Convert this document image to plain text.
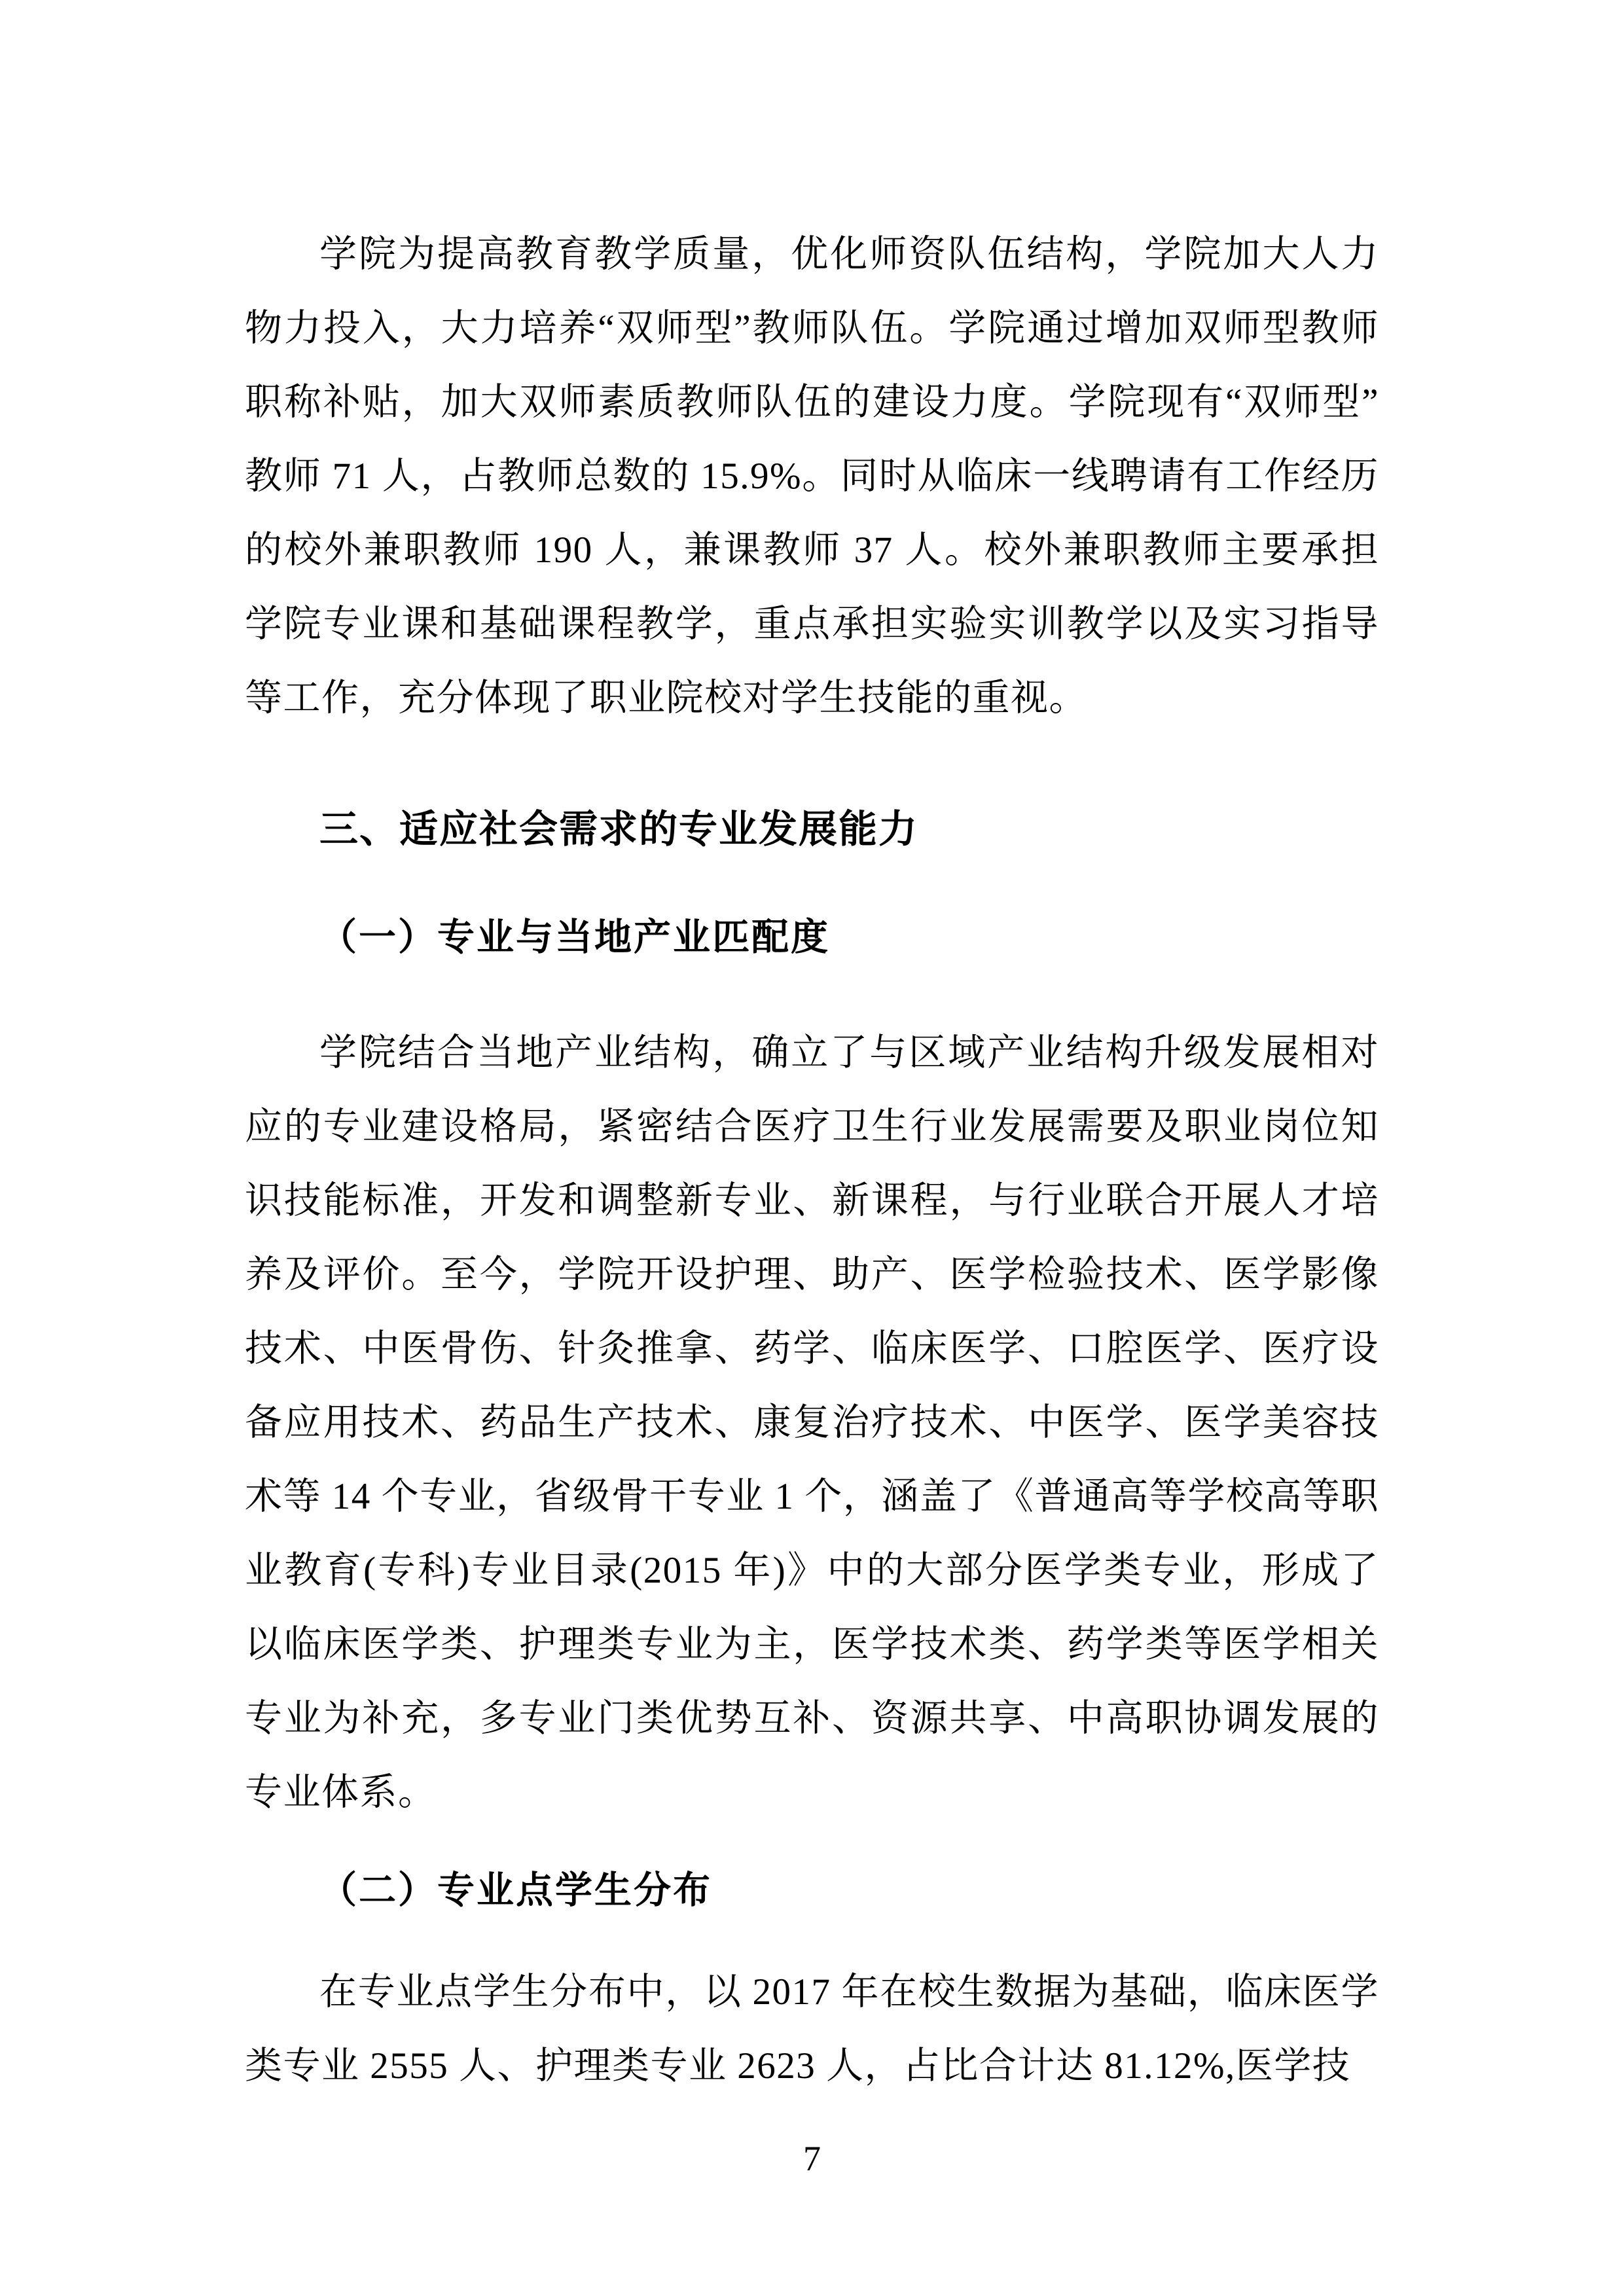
学院为提高教育教学质量，优化师资队伍结构，学院加大人力物力投入，大力培养“双师型”教师队伍。学院通过增加双师型教师职称补贴，加大双师素质教师队伍的建设力度。学院现有“双师型”教师 71 人，占教师总数的 15.9%。同时从临床一线聘请有工作经历的校外兼职教师 190 人，兼课教师 37 人。校外兼职教师主要承担学院专业课和基础课程教学，重点承担实验实训教学以及实习指导等工作，充分体现了职业院校对学生技能的重视。

三、适应社会需求的专业发展能力
（一）专业与当地产业匹配度

学院结合当地产业结构，确立了与区域产业结构升级发展相对应的专业建设格局，紧密结合医疗卫生行业发展需要及职业岗位知识技能标准，开发和调整新专业、新课程，与行业联合开展人才培养及评价。至今，学院开设护理、助产、医学检验技术、医学影像技术、中医骨伤、针灸推拿、药学、临床医学、口腔医学、医疗设备应用技术、药品生产技术、康复治疗技术、中医学、医学美容技术等 14 个专业，省级骨干专业 1 个，涵盖了《普通高等学校高等职业教育(专科)专业目录(2015 年)》中的大部分医学类专业，形成了以临床医学类、护理类专业为主，医学技术类、药学类等医学相关专业为补充，多专业门类优势互补、资源共享、中高职协调发展的专业体系。

（二）专业点学生分布

在专业点学生分布中，以 2017 年在校生数据为基础，临床医学类专业 2555 人、护理类专业 2623 人，占比合计达 81.12%,医学技

7
